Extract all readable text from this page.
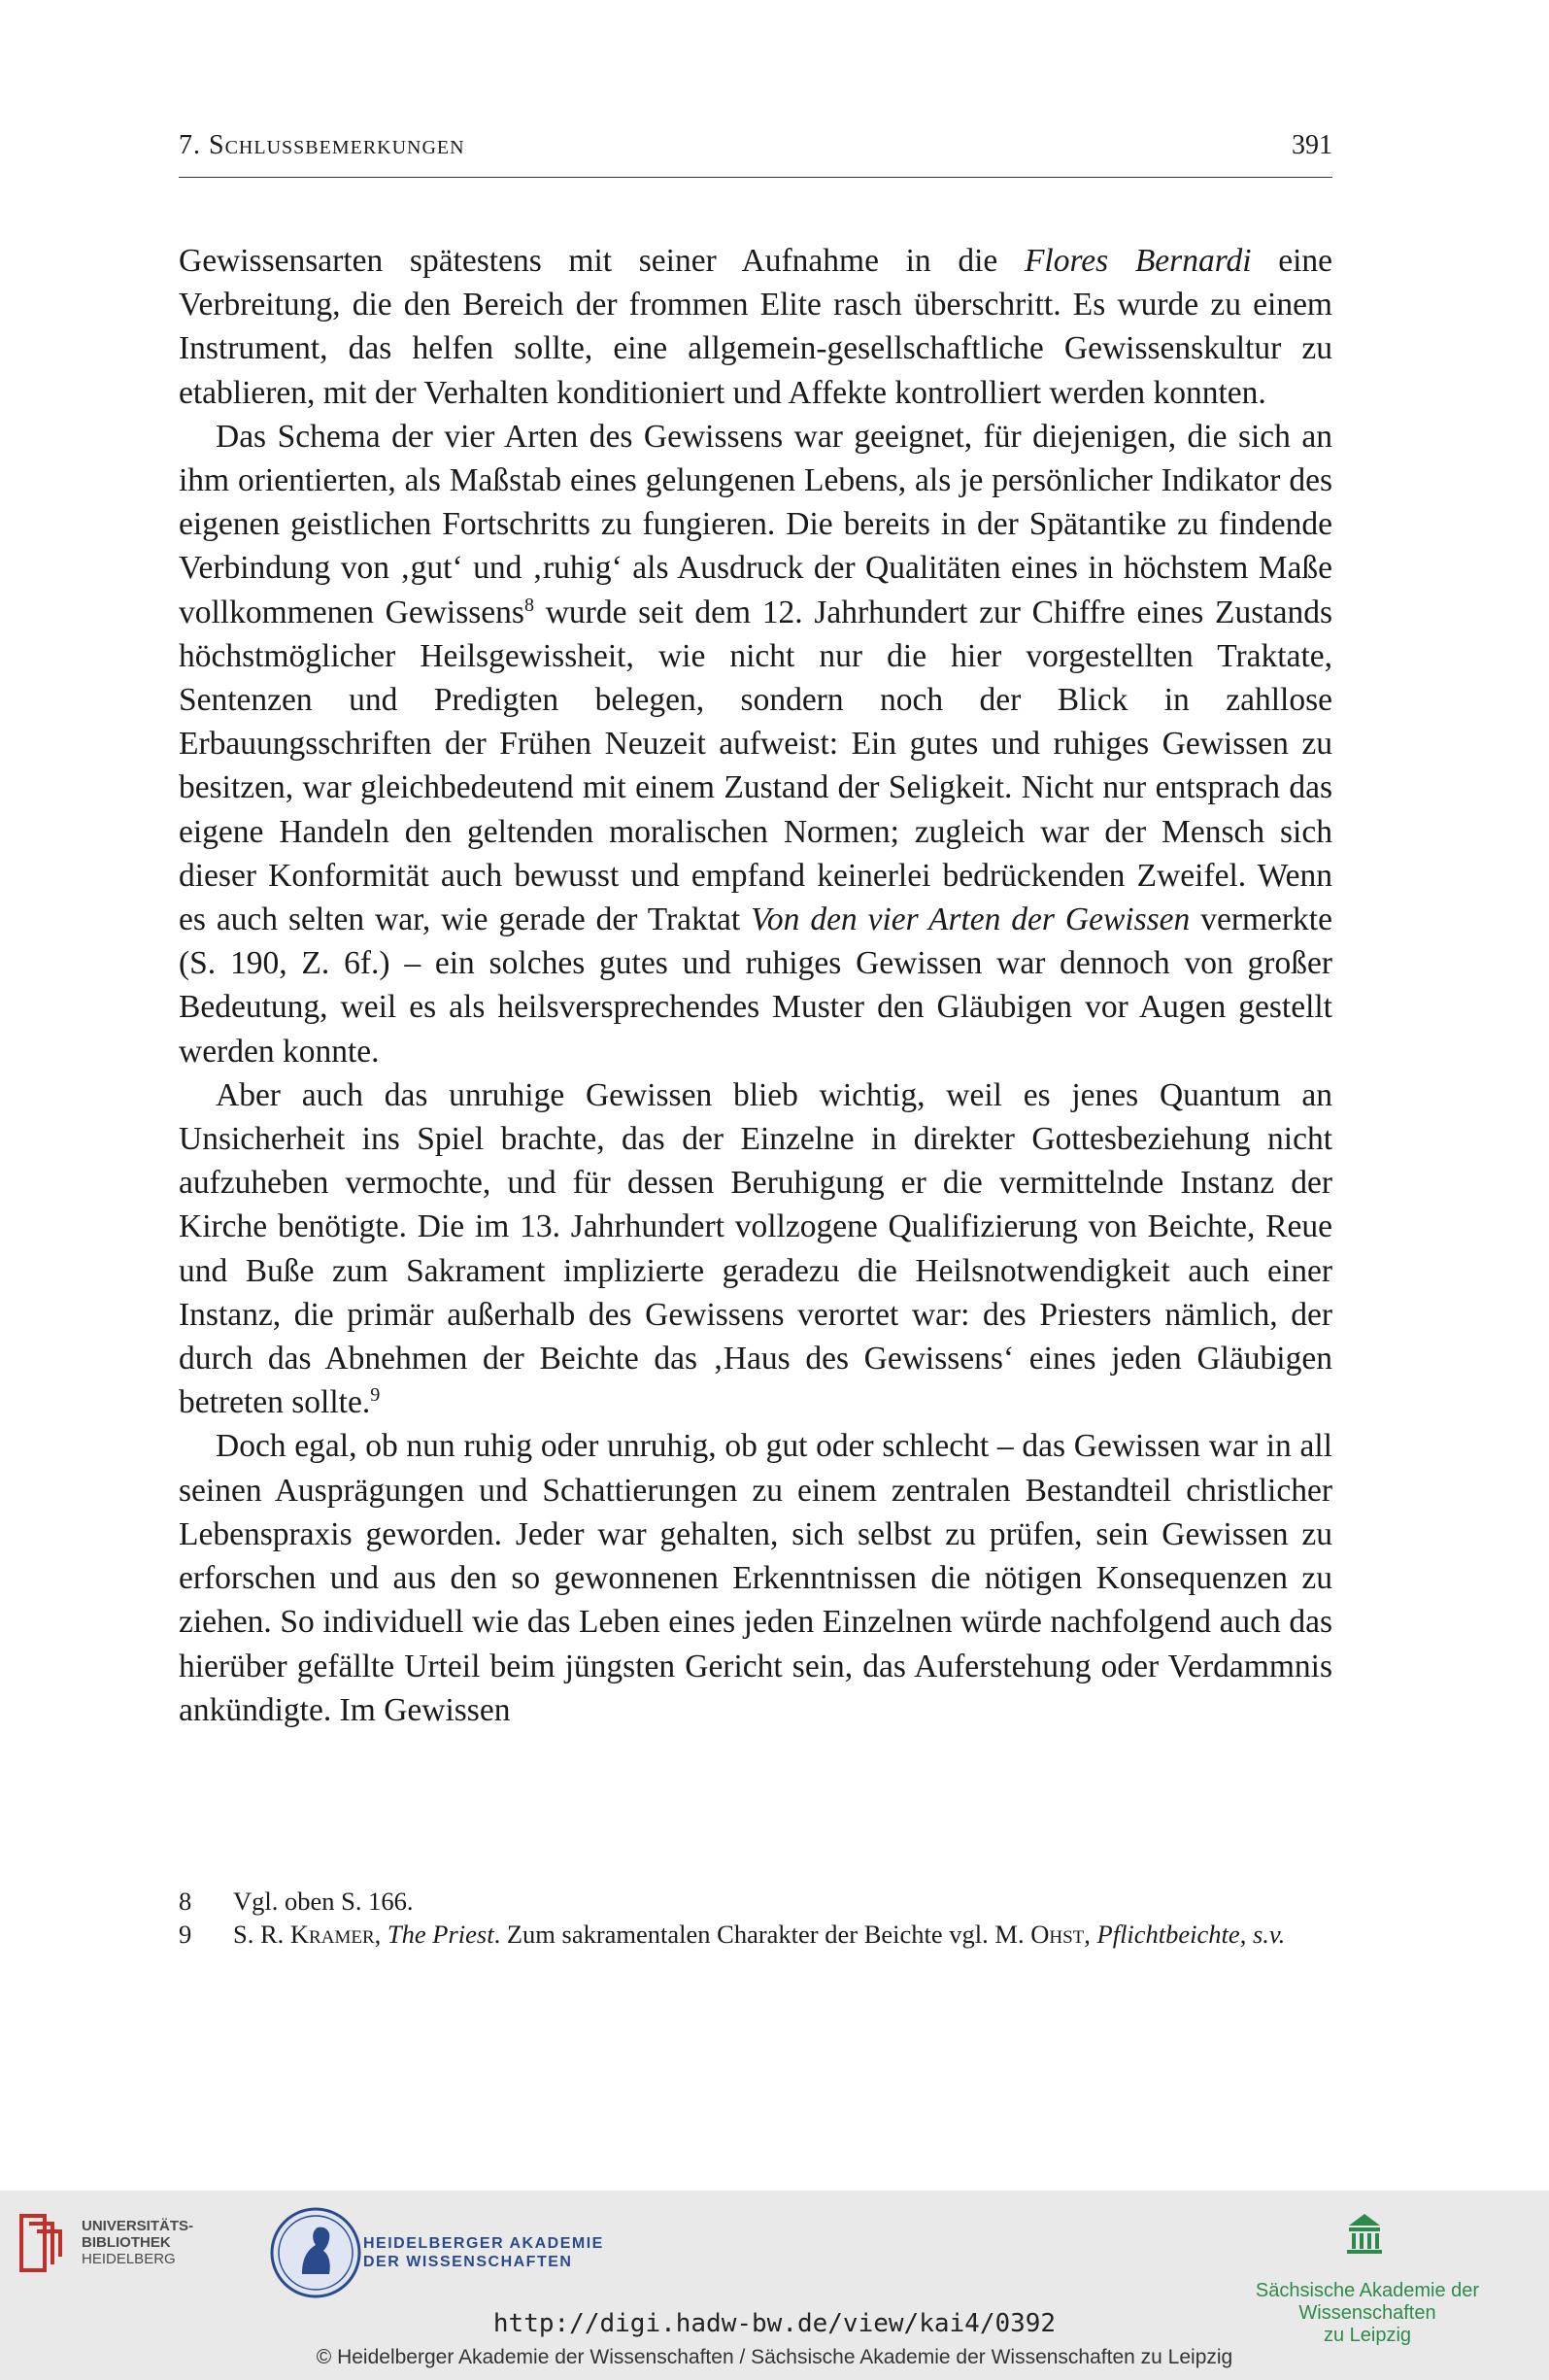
7. Schlussbemerkungen	391

Gewissensarten spätestens mit seiner Aufnahme in die Flores Bernardi eine Verbreitung, die den Bereich der frommen Elite rasch überschritt. Es wurde zu einem Instrument, das helfen sollte, eine allgemein-gesellschaftliche Gewissenskultur zu etablieren, mit der Verhalten konditioniert und Affekte kontrolliert werden konnten.

Das Schema der vier Arten des Gewissens war geeignet, für diejenigen, die sich an ihm orientierten, als Maßstab eines gelungenen Lebens, als je persönlicher Indikator des eigenen geistlichen Fortschritts zu fungieren. Die bereits in der Spätantike zu findende Verbindung von ‚gut‘ und ‚ruhig‘ als Ausdruck der Qualitäten eines in höchstem Maße vollkommenen Gewissens$^8$ wurde seit dem 12. Jahrhundert zur Chiffre eines Zustands höchstmöglicher Heilsgewissheit, wie nicht nur die hier vorgestellten Traktate, Sentenzen und Predigten belegen, sondern noch der Blick in zahllose Erbauungsschriften der Frühen Neuzeit aufweist: Ein gutes und ruhiges Gewissen zu besitzen, war gleichbedeutend mit einem Zustand der Seligkeit. Nicht nur entsprach das eigene Handeln den geltenden moralischen Normen; zugleich war der Mensch sich dieser Konformität auch bewusst und empfand keinerlei bedrückenden Zweifel. Wenn es auch selten war, wie gerade der Traktat Von den vier Arten der Gewissen vermerkte (S. 190, Z. 6f.) – ein solches gutes und ruhiges Gewissen war dennoch von großer Bedeutung, weil es als heilsversprechendes Muster den Gläubigen vor Augen gestellt werden konnte.

Aber auch das unruhige Gewissen blieb wichtig, weil es jenes Quantum an Unsicherheit ins Spiel brachte, das der Einzelne in direkter Gottesbeziehung nicht aufzuheben vermochte, und für dessen Beruhigung er die vermittelnde Instanz der Kirche benötigte. Die im 13. Jahrhundert vollzogene Qualifizierung von Beichte, Reue und Buße zum Sakrament implizierte geradezu die Heilsnotwendigkeit auch einer Instanz, die primär außerhalb des Gewissens verortet war: des Priesters nämlich, der durch das Abnehmen der Beichte das ‚Haus des Gewissens‘ eines jeden Gläubigen betreten sollte.$^9$

Doch egal, ob nun ruhig oder unruhig, ob gut oder schlecht – das Gewissen war in all seinen Ausprägungen und Schattierungen zu einem zentralen Bestandteil christlicher Lebenspraxis geworden. Jeder war gehalten, sich selbst zu prüfen, sein Gewissen zu erforschen und aus den so gewonnenen Erkenntnissen die nötigen Konsequenzen zu ziehen. So individuell wie das Leben eines jeden Einzelnen würde nachfolgend auch das hierüber gefällte Urteil beim jüngsten Gericht sein, das Auferstehung oder Verdammnis ankündigte. Im Gewissen

8 Vgl. oben S. 166.
9 S. R. Kramer, The Priest. Zum sakramentalen Charakter der Beichte vgl. M. Ohst, Pflichtbeichte, s.v.
UNIVERSITÄTS-
BIBLIOTHEK
HEIDELBERG
HEIDELBERGER AKADEMIE
DER WISSENSCHAFTEN
Sächsische Akademie der Wissenschaften
zu Leipzig
http://digi.hadw-bw.de/view/kai4/0392
© Heidelberger Akademie der Wissenschaften / Sächsische Akademie der Wissenschaften zu Leipzig
